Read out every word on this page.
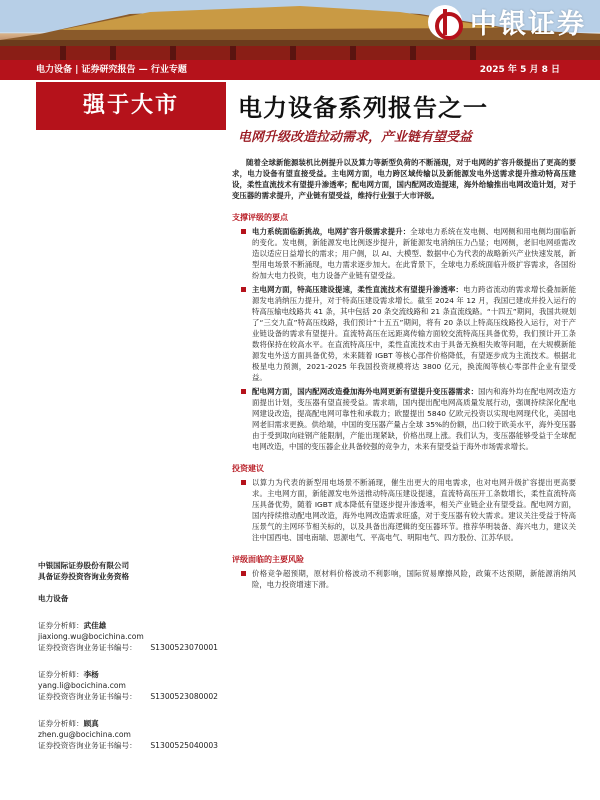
中银证券
电力设备 | 证券研究报告 — 行业专题	2025 年 5 月 8 日
强于大市	电力设备系列报告之一
电网升级改造拉动需求，产业链有望受益

随着全球新能源装机比例提升以及算力等新型负荷的不断涌现，对于电网的扩容升级提出了更高的要求，电力设备有望直接受益。主电网方面，电力跨区域传输以及新能源发电外送需求提升推动特高压建设，柔性直流技术有望提升渗透率；配电网方面，国内配网改造提速，海外给输推出电网改造计划，对于变压器的需求提升，产业链有望受益，维持行业强于大市评级。

支撑评级的要点
电力系统面临新挑战，电网扩容升级需求提升：全球电力系统在发电侧、电网侧和用电侧均面临新的变化。发电侧，新能源发电比例逐步提升，新能源发电消纳压力凸显；电网侧，老旧电网亟需改造以适应日益增长的需求；用户侧，以 AI、大模型、数据中心为代表的战略新兴产业快速发展，新型用电场景不断涌现，电力需求逐步加大。在此背景下，全球电力系统面临升级扩容需求，各国纷纷加大电力投资，电力设备产业链有望受益。
主电网方面，特高压建设提速，柔性直流技术有望提升渗透率：电力跨省流动的需求增长叠加新能源发电消纳压力提升，对于特高压建设需求增长。截至 2024 年 12 月，我国已建成并投入运行的特高压输电线路共 41 条，其中包括 20 条交流线路和 21 条直流线路。“十四五”期间，我国共规划了“三交九直”特高压线路，我们预计“十五五”期间，将有 20 条以上特高压线路投入运行，对于产业链设备的需求有望提升。直流特高压在远距离传输方面较交流特高压具备优势，我们预计开工条数将保持在较高水平。在直流特高压中，柔性直流技术由于具备无换相失败等问题，在大规模新能源发电外送方面具备优势，未来随着 IGBT 等核心部件价格降低，有望逐步成为主流技术。根据北极星电力预测，2021-2025 年我国投资规模将达 3800 亿元，换流阀等核心零部件企业有望受益。
配电网方面，国内配网改造叠加海外电网更新有望提升变压器需求：国内和海外均在配电网改造方面提出计划，变压器有望直接受益。需求端，国内提出配电网高质量发展行动，强调持续深化配电网建设改造，提高配电网可靠性和承载力；欧盟提出 5840 亿欧元投资以实现电网现代化，美国电网老旧需求更换。供给端，中国的变压器产量占全球 35%的份额，出口较于欧美水平，海外变压器由于受到取向硅钢产能限制，产能出现紧缺，价格出现上涨。我们认为，变压器能够受益于全球配电网改造，中国的变压器企业具备较强的竞争力，未来有望受益于海外市场需求增长。
投资建议
以算力为代表的新型用电场景不断涌现，催生出更大的用电需求，也对电网升级扩容提出更高要求。主电网方面，新能源发电外送推动特高压建设提速，直流特高压开工条数增长，柔性直流特高压具备优势，随着 IGBT 成本降低有望逐步提升渗透率，相关产业链企业有望受益。配电网方面，国内持续推动配电网改造，海外电网改造需求旺盛，对于变压器有较大需求。建议关注受益于特高压景气的主网环节相关标的，以及具备出海逻辑的变压器环节。推荐华明装备、海兴电力，建议关注中国西电、国电南瑞、思源电气、平高电气、明阳电气、四方股份、江苏华辰。
评级面临的主要风险
价格竞争超预期，原材料价格波动不利影响，国际贸易摩擦风险，政策不达预期，新能源消纳风险，电力投资增速下滑。
中银国际证券股份有限公司
具备证券投资咨询业务资格
电力设备
证券分析师：武佳雄
jiaxiong.wu@bocichina.com
证券投资咨询业务证书编号： S1300523070001
证券分析师：李杨
yang.li@bocichina.com
证券投资咨询业务证书编号： S1300523080002
证券分析师：顾真
zhen.gu@bocichina.com
证券投资咨询业务证书编号： S1300525040003
